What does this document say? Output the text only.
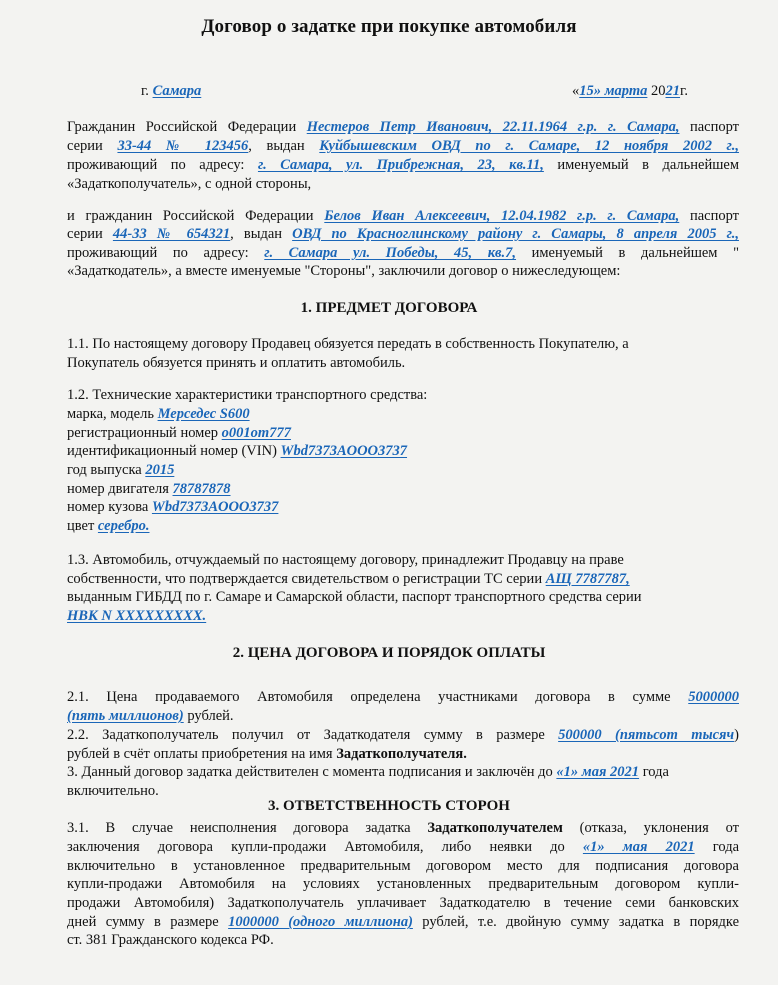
Договор о задатке при покупке автомобиля
г. Самара	«15» марта 2021г.
Гражданин Российской Федерации Нестеров Петр Иванович, 22.11.1964 г.р. г. Самара, паспорт
серии 33-44 № 123456, выдан Куйбышевским ОВД по г. Самаре, 12 ноября 2002 г.,
проживающий по адресу: г. Самара, ул. Прибрежная, 23, кв.11, именуемый в дальнейшем
«Задаткополучатель», с одной стороны,
и гражданин Российской Федерации Белов Иван Алексеевич, 12.04.1982 г.р. г. Самара, паспорт
серии 44-33 № 654321, выдан ОВД по Красноглинскому району г. Самары, 8 апреля 2005 г.,
проживающий по адресу: г. Самара ул. Победы, 45, кв.7, именуемый в дальнейшем "
«Задаткодатель», а вместе именуемые "Стороны", заключили договор о нижеследующем:
1. ПРЕДМЕТ ДОГОВОРА
1.1. По настоящему договору Продавец обязуется передать в собственность Покупателю, а
Покупатель обязуется принять и оплатить автомобиль.
1.2. Технические характеристики транспортного средства:
марка, модель Мерседес S600
регистрационный номер о001от777
идентификационный номер (VIN) Wbd7373AOOO3737
год выпуска 2015
номер двигателя 78787878
номер кузова Wbd7373AOOO3737
цвет серебро.
1.3. Автомобиль, отчуждаемый по настоящему договору, принадлежит Продавцу на праве
собственности, что подтверждается свидетельством о регистрации ТС серии АЩ 7787787,
выданным ГИБДД по г. Самаре и Самарской области, паспорт транспортного средства серии
НВК N XXXXXXXXX.
2. ЦЕНА ДОГОВОРА И ПОРЯДОК ОПЛАТЫ
2.1. Цена продаваемого Автомобиля определена участниками договора в сумме 5000000
(пять миллионов) рублей.
2.2. Задаткополучатель получил от Задаткодателя сумму в размере 500000 (пятьсот тысяч)
рублей в счёт оплаты приобретения на имя Задаткополучателя.
3. Данный договор задатка действителен с момента подписания и заключён до «1» мая 2021 года
включительно.
3. ОТВЕТСТВЕННОСТЬ СТОРОН
3.1. В случае неисполнения договора задатка Задаткополучателем (отказа, уклонения от
заключения договора купли-продажи Автомобиля, либо неявки до «1» мая 2021 года
включительно в установленное предварительным договором место для подписания договора
купли-продажи Автомобиля на условиях установленных предварительным договором купли-
продажи Автомобиля) Задаткополучатель уплачивает Задаткодателю в течение семи банковских
дней сумму в размере 1000000 (одного миллиона) рублей, т.е. двойную сумму задатка в порядке
ст. 381 Гражданского кодекса РФ.
